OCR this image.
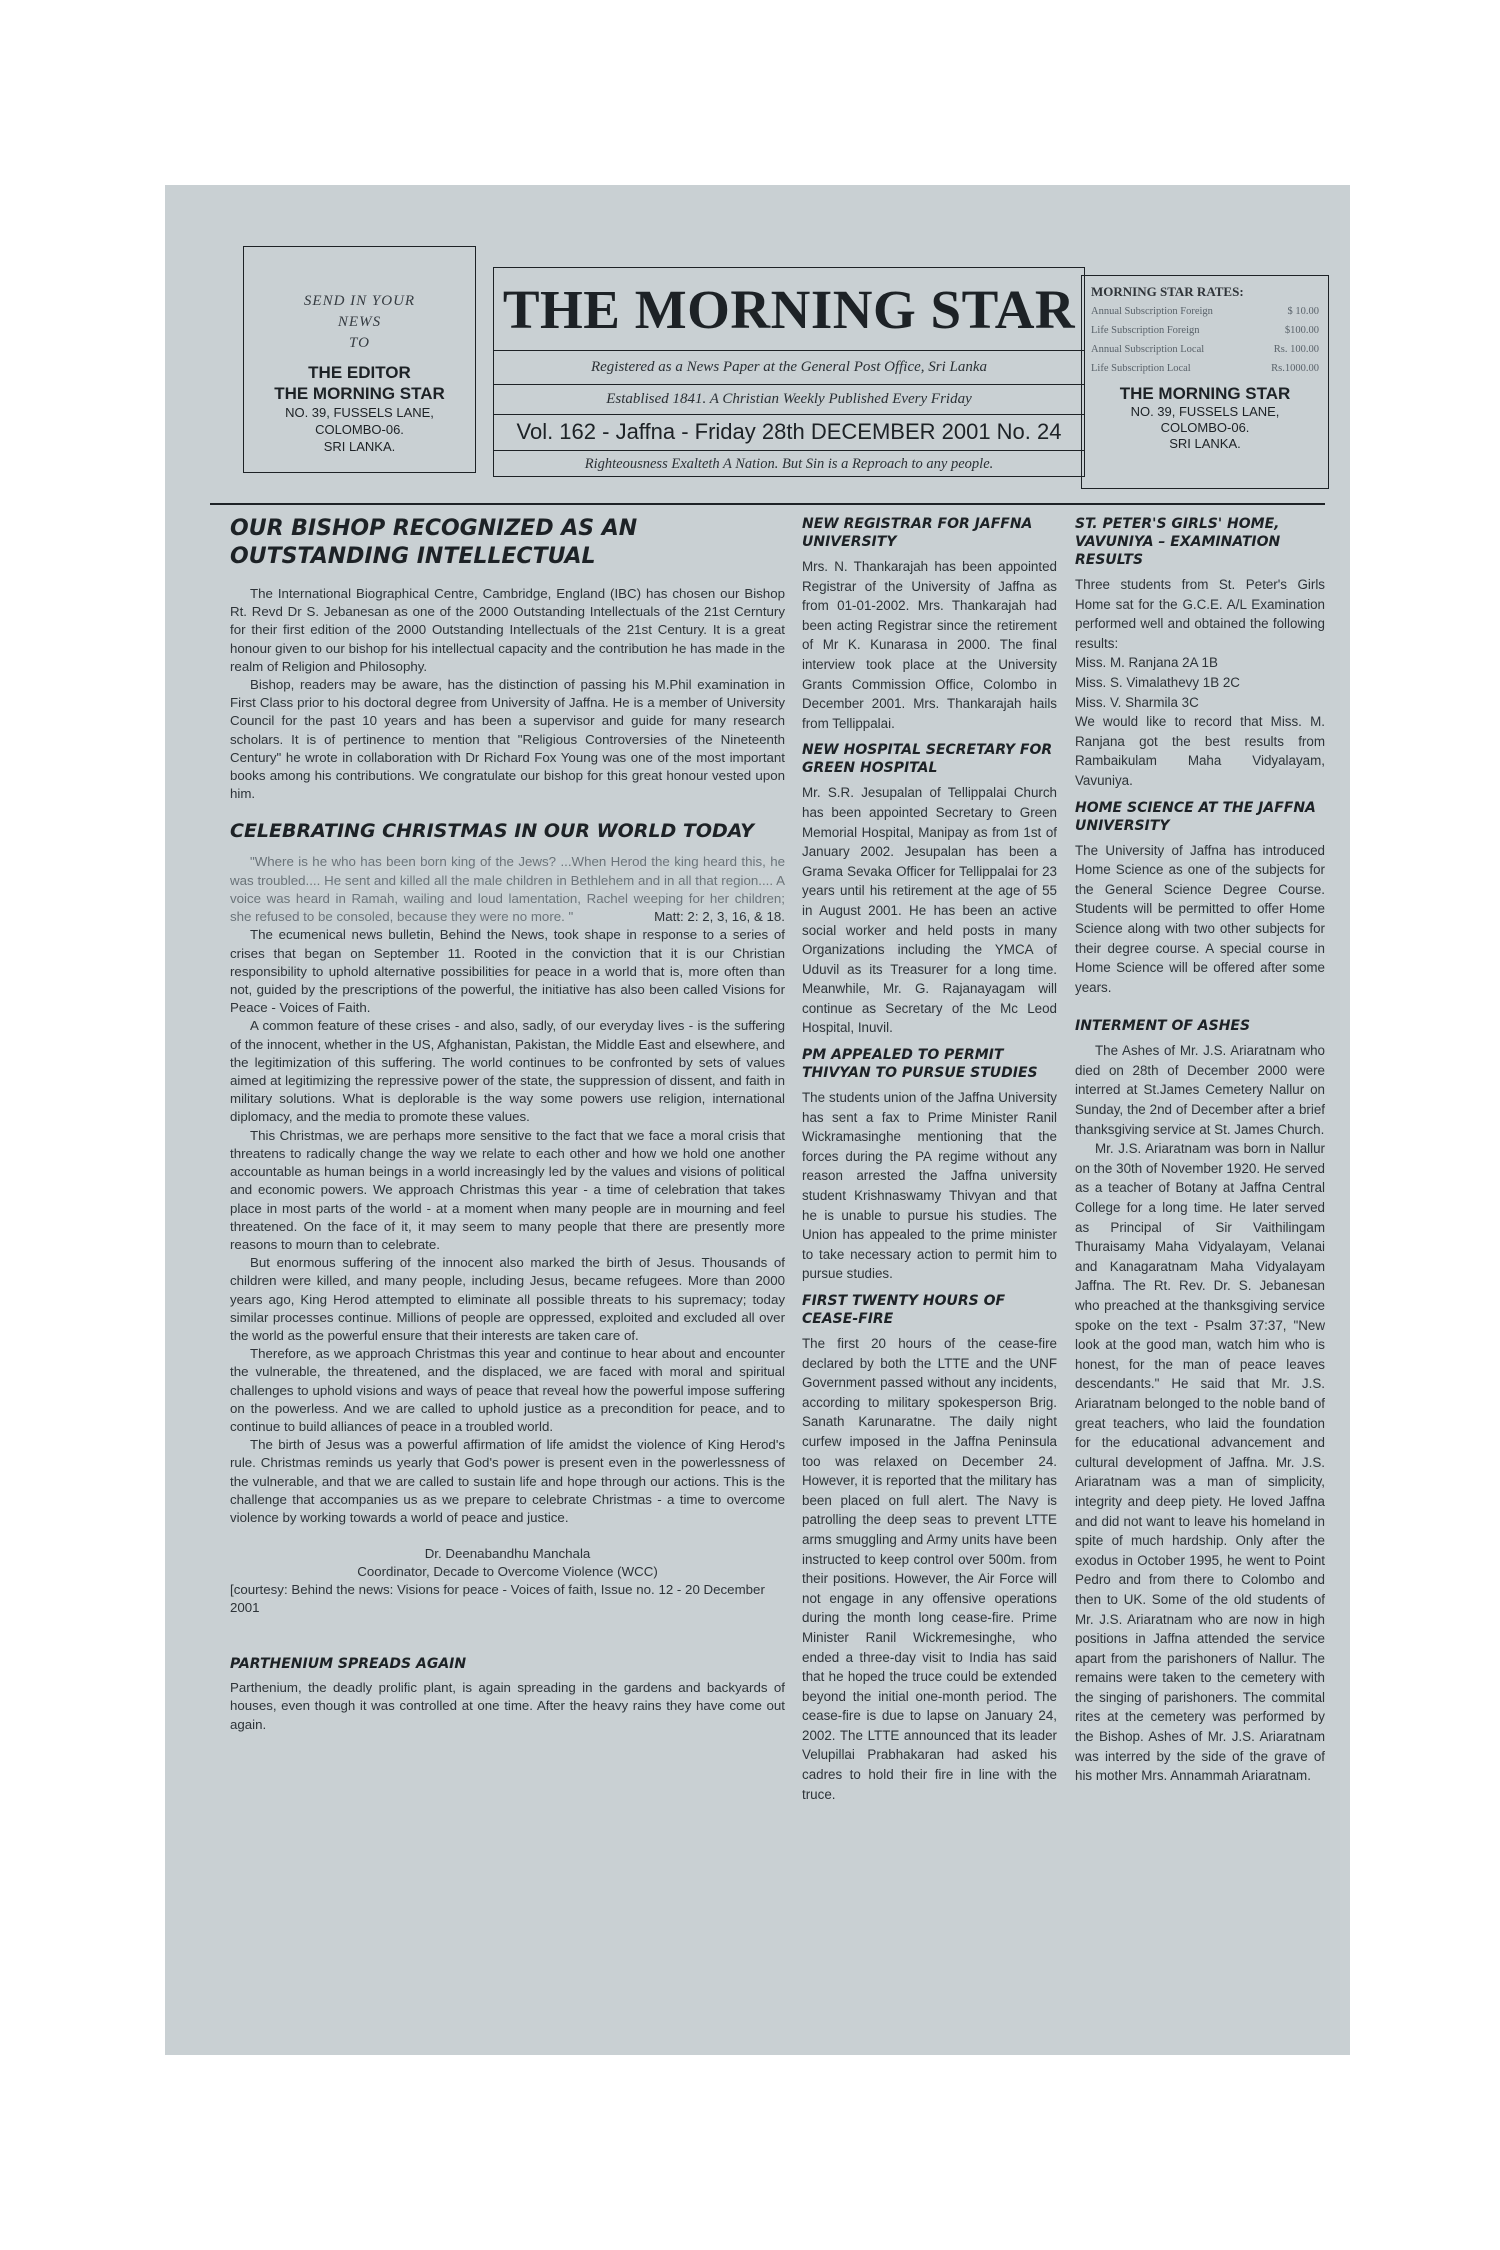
SEND IN YOUR
NEWS
TO
THE EDITOR
THE MORNING STAR
NO. 39, FUSSELS LANE,
COLOMBO-06.
SRI LANKA.
THE MORNING STAR
Registered as a News Paper at the General Post Office, Sri Lanka
Establised 1841. A Christian Weekly Published Every Friday
Vol. 162 - Jaffna - Friday 28th DECEMBER 2001 No. 24
Righteousness Exalteth A Nation. But Sin is a Reproach to any people.
MORNING STAR RATES:
Annual Subscription Foreign	$ 10.00
Life Subscription Foreign	$100.00
Annual Subscription Local	Rs. 100.00
Life Subscription Local	Rs.1000.00
THE MORNING STAR
NO. 39, FUSSELS LANE,
COLOMBO-06.
SRI LANKA.
OUR BISHOP RECOGNIZED AS AN OUTSTANDING INTELLECTUAL

The International Biographical Centre, Cambridge, England (IBC) has chosen our Bishop Rt. Revd Dr S. Jebanesan as one of the 2000 Outstanding Intellectuals of the 21st Cerntury for their first edition of the 2000 Outstanding Intellectuals of the 21st Century. It is a great honour given to our bishop for his intellectual capacity and the contribution he has made in the realm of Religion and Philosophy.

Bishop, readers may be aware, has the distinction of passing his M.Phil examination in First Class prior to his doctoral degree from University of Jaffna. He is a member of University Council for the past 10 years and has been a supervisor and guide for many research scholars. It is of pertinence to mention that "Religious Controversies of the Nineteenth Century" he wrote in collaboration with Dr Richard Fox Young was one of the most important books among his contributions. We congratulate our bishop for this great honour vested upon him.

CELEBRATING CHRISTMAS IN OUR WORLD TODAY

"Where is he who has been born king of the Jews? ...When Herod the king heard this, he was troubled.... He sent and killed all the male children in Bethlehem and in all that region.... A voice was heard in Ramah, wailing and loud lamentation, Rachel weeping for her children; she refused to be consoled, because they were no more. "	Matt: 2: 2, 3, 16, & 18.

The ecumenical news bulletin, Behind the News, took shape in response to a series of crises that began on September 11. Rooted in the conviction that it is our Christian responsibility to uphold alternative possibilities for peace in a world that is, more often than not, guided by the prescriptions of the powerful, the initiative has also been called Visions for Peace - Voices of Faith.

A common feature of these crises - and also, sadly, of our everyday lives - is the suffering of the innocent, whether in the US, Afghanistan, Pakistan, the Middle East and elsewhere, and the legitimization of this suffering. The world continues to be confronted by sets of values aimed at legitimizing the repressive power of the state, the suppression of dissent, and faith in military solutions. What is deplorable is the way some powers use religion, international diplomacy, and the media to promote these values.

This Christmas, we are perhaps more sensitive to the fact that we face a moral crisis that threatens to radically change the way we relate to each other and how we hold one another accountable as human beings in a world increasingly led by the values and visions of political and economic powers. We approach Christmas this year - a time of celebration that takes place in most parts of the world - at a moment when many people are in mourning and feel threatened. On the face of it, it may seem to many people that there are presently more reasons to mourn than to celebrate.

But enormous suffering of the innocent also marked the birth of Jesus. Thousands of children were killed, and many people, including Jesus, became refugees. More than 2000 years ago, King Herod attempted to eliminate all possible threats to his supremacy; today similar processes continue. Millions of people are oppressed, exploited and excluded all over the world as the powerful ensure that their interests are taken care of.

Therefore, as we approach Christmas this year and continue to hear about and encounter the vulnerable, the threatened, and the displaced, we are faced with moral and spiritual challenges to uphold visions and ways of peace that reveal how the powerful impose suffering on the powerless. And we are called to uphold justice as a precondition for peace, and to continue to build alliances of peace in a troubled world.

The birth of Jesus was a powerful affirmation of life amidst the violence of King Herod's rule. Christmas reminds us yearly that God's power is present even in the powerlessness of the vulnerable, and that we are called to sustain life and hope through our actions. This is the challenge that accompanies us as we prepare to celebrate Christmas - a time to overcome violence by working towards a world of peace and justice.

Dr. Deenabandhu Manchala
Coordinator, Decade to Overcome Violence (WCC)
[courtesy: Behind the news: Visions for peace - Voices of faith, Issue no. 12 - 20 December 2001
PARTHENIUM SPREADS AGAIN

Parthenium, the deadly prolific plant, is again spreading in the gardens and backyards of houses, even though it was controlled at one time. After the heavy rains they have come out again.

NEW REGISTRAR FOR JAFFNA UNIVERSITY

Mrs. N. Thankarajah has been appointed Registrar of the University of Jaffna as from 01-01-2002. Mrs. Thankarajah had been acting Registrar since the retirement of Mr K. Kunarasa in 2000. The final interview took place at the University Grants Commission Office, Colombo in December 2001. Mrs. Thankarajah hails from Tellippalai.

NEW HOSPITAL SECRETARY FOR GREEN HOSPITAL

Mr. S.R. Jesupalan of Tellippalai Church has been appointed Secretary to Green Memorial Hospital, Manipay as from 1st of January 2002. Jesupalan has been a Grama Sevaka Officer for Tellippalai for 23 years until his retirement at the age of 55 in August 2001. He has been an active social worker and held posts in many Organizations including the YMCA of Uduvil as its Treasurer for a long time. Meanwhile, Mr. G. Rajanayagam will continue as Secretary of the Mc Leod Hospital, Inuvil.

PM APPEALED TO PERMIT THIVYAN TO PURSUE STUDIES

The students union of the Jaffna University has sent a fax to Prime Minister Ranil Wickramasinghe mentioning that the forces during the PA regime without any reason arrested the Jaffna university student Krishnaswamy Thivyan and that he is unable to pursue his studies. The Union has appealed to the prime minister to take necessary action to permit him to pursue studies.

FIRST TWENTY HOURS OF CEASE-FIRE

The first 20 hours of the cease-fire declared by both the LTTE and the UNF Government passed without any incidents, according to military spokesperson Brig. Sanath Karunaratne. The daily night curfew imposed in the Jaffna Peninsula too was relaxed on December 24. However, it is reported that the military has been placed on full alert. The Navy is patrolling the deep seas to prevent LTTE arms smuggling and Army units have been instructed to keep control over 500m. from their positions. However, the Air Force will not engage in any offensive operations during the month long cease-fire. Prime Minister Ranil Wickremesinghe, who ended a three-day visit to India has said that he hoped the truce could be extended beyond the initial one-month period. The cease-fire is due to lapse on January 24, 2002. The LTTE announced that its leader Velupillai Prabhakaran had asked his cadres to hold their fire in line with the truce.

ST. PETER'S GIRLS' HOME, VAVUNIYA – EXAMINATION RESULTS

Three students from St. Peter's Girls Home sat for the G.C.E. A/L Examination performed well and obtained the following results:

Miss. M. Ranjana 2A 1B

Miss. S. Vimalathevy 1B 2C

Miss. V. Sharmila 3C

We would like to record that Miss. M. Ranjana got the best results from Rambaikulam Maha Vidyalayam, Vavuniya.

HOME SCIENCE AT THE JAFFNA UNIVERSITY

The University of Jaffna has introduced Home Science as one of the subjects for the General Science Degree Course. Students will be permitted to offer Home Science along with two other subjects for their degree course. A special course in Home Science will be offered after some years.

INTERMENT OF ASHES

The Ashes of Mr. J.S. Ariaratnam who died on 28th of December 2000 were interred at St.James Cemetery Nallur on Sunday, the 2nd of December after a brief thanksgiving service at St. James Church.

Mr. J.S. Ariaratnam was born in Nallur on the 30th of November 1920. He served as a teacher of Botany at Jaffna Central College for a long time. He later served as Principal of Sir Vaithilingam Thuraisamy Maha Vidyalayam, Velanai and Kanagaratnam Maha Vidyalayam Jaffna. The Rt. Rev. Dr. S. Jebanesan who preached at the thanksgiving service spoke on the text - Psalm 37:37, "New look at the good man, watch him who is honest, for the man of peace leaves descendants." He said that Mr. J.S. Ariaratnam belonged to the noble band of great teachers, who laid the foundation for the educational advancement and cultural development of Jaffna. Mr. J.S. Ariaratnam was a man of simplicity, integrity and deep piety. He loved Jaffna and did not want to leave his homeland in spite of much hardship. Only after the exodus in October 1995, he went to Point Pedro and from there to Colombo and then to UK. Some of the old students of Mr. J.S. Ariaratnam who are now in high positions in Jaffna attended the service apart from the parishoners of Nallur. The remains were taken to the cemetery with the singing of parishoners. The commital rites at the cemetery was performed by the Bishop. Ashes of Mr. J.S. Ariaratnam was interred by the side of the grave of his mother Mrs. Annammah Ariaratnam.
